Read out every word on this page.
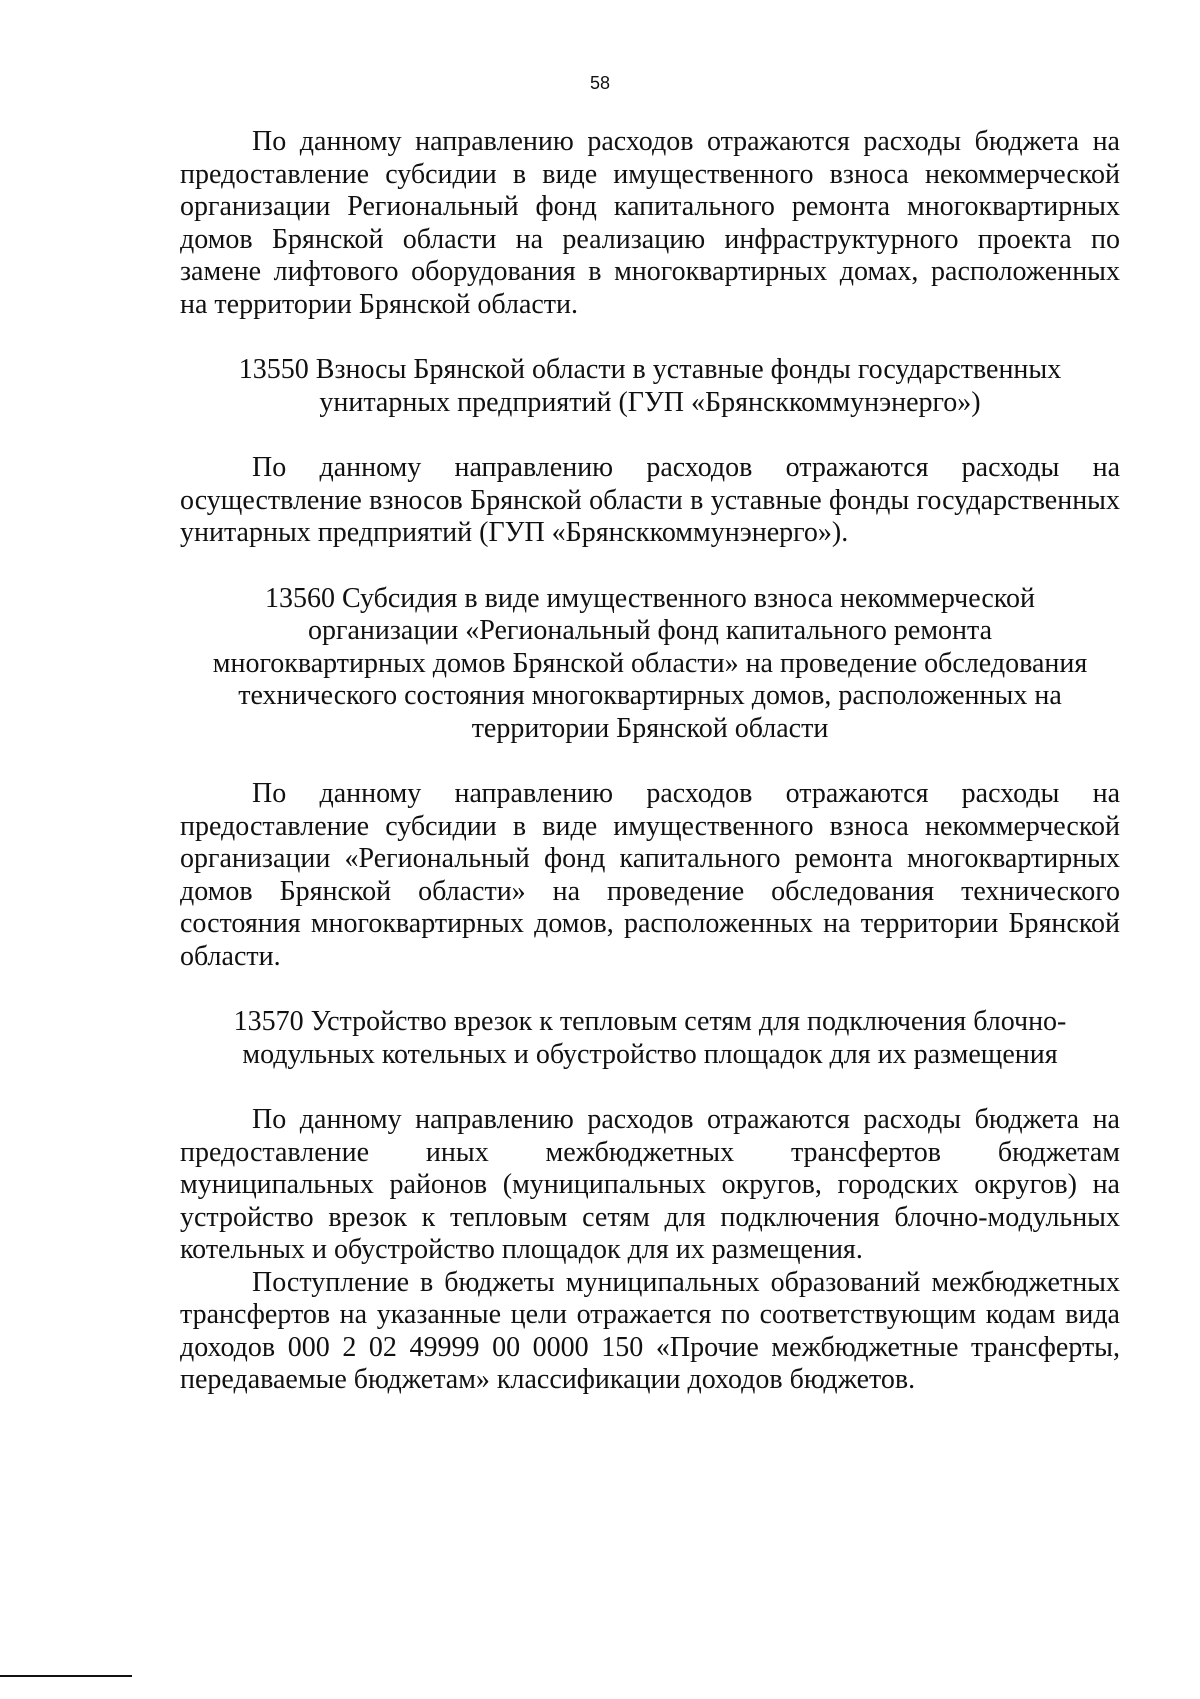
58

По данному направлению расходов отражаются расходы бюджета на предоставление субсидии в виде имущественного взноса некоммерческой организации Региональный фонд капитального ремонта многоквартирных домов Брянской области на реализацию инфраструктурного проекта по замене лифтового оборудования в многоквартирных домах, расположенных на территории Брянской области.

13550 Взносы Брянской области в уставные фонды государственных унитарных предприятий (ГУП «Брянсккоммунэнерго»)

По данному направлению расходов отражаются расходы на осуществление взносов Брянской области в уставные фонды государственных унитарных предприятий (ГУП «Брянсккоммунэнерго»).

13560 Субсидия в виде имущественного взноса некоммерческой организации «Региональный фонд капитального ремонта многоквартирных домов Брянской области» на проведение обследования технического состояния многоквартирных домов, расположенных на территории Брянской области

По данному направлению расходов отражаются расходы на предоставление субсидии в виде имущественного взноса некоммерческой организации «Региональный фонд капитального ремонта многоквартирных домов Брянской области» на проведение обследования технического состояния многоквартирных домов, расположенных на территории Брянской области.

13570 Устройство врезок к тепловым сетям для подключения блочно-модульных котельных и обустройство площадок для их размещения

По данному направлению расходов отражаются расходы бюджета на предоставление иных межбюджетных трансфертов бюджетам муниципальных районов (муниципальных округов, городских округов) на устройство врезок к тепловым сетям для подключения блочно-модульных котельных и обустройство площадок для их размещения.

Поступление в бюджеты муниципальных образований межбюджетных трансфертов на указанные цели отражается по соответствующим кодам вида доходов 000 2 02 49999 00 0000 150 «Прочие межбюджетные трансферты, передаваемые бюджетам» классификации доходов бюджетов.
